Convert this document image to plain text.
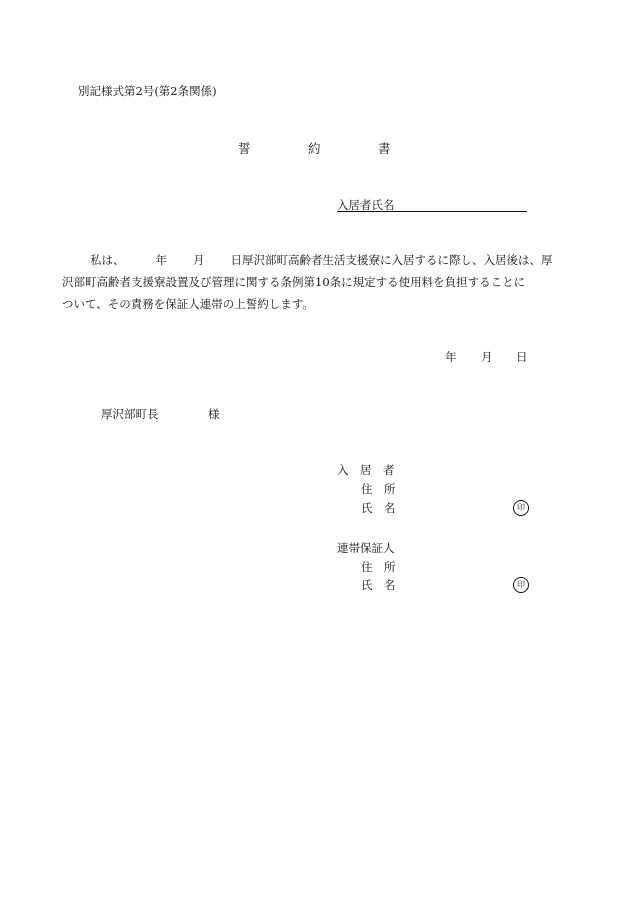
別記様式第2号(第2条関係)
誓	約	書
入居者氏名
私は、	年 月 日厚沢部町高齢者生活支援寮に入居するに際し、入居後は、厚
沢部町高齢者支援寮設置及び管理に関する条例第10条に規定する使用料を負担することに
ついて、その責務を保証人連帯の上誓約します。
年 月 日
厚沢部町長	様
入　居　者
住　所
氏　名	印
連帯保証人
住　所
氏　名	印
